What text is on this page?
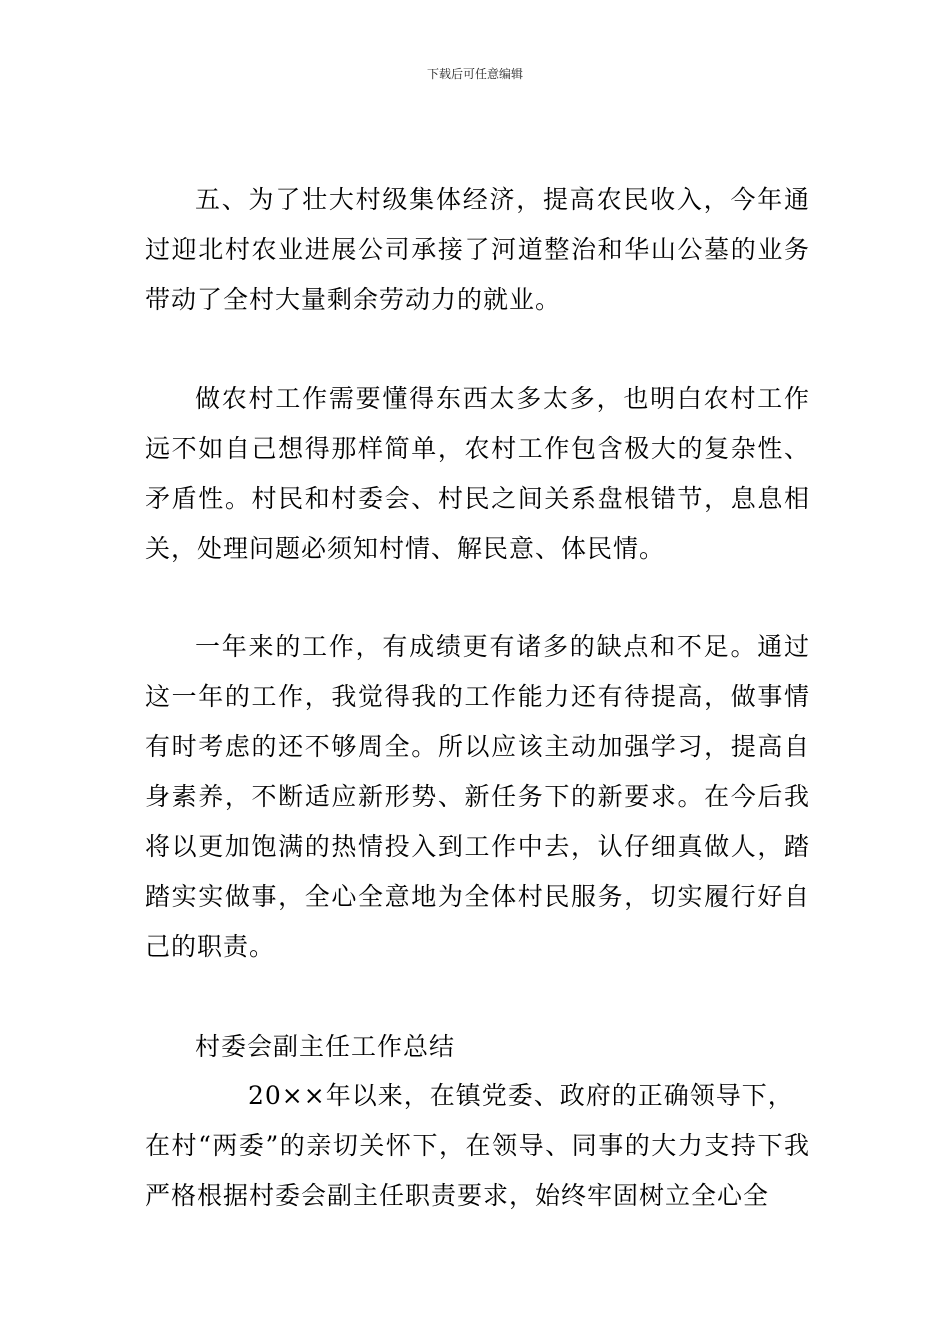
下载后可任意编辑

五、为了壮大村级集体经济，提高农民收入，今年通过迎北村农业进展公司承接了河道整治和华山公墓的业务带动了全村大量剩余劳动力的就业。

做农村工作需要懂得东西太多太多，也明白农村工作远不如自己想得那样简单，农村工作包含极大的复杂性、矛盾性。村民和村委会、村民之间关系盘根错节，息息相关，处理问题必须知村情、解民意、体民情。

一年来的工作，有成绩更有诸多的缺点和不足。通过这一年的工作，我觉得我的工作能力还有待提高，做事情有时考虑的还不够周全。所以应该主动加强学习，提高自身素养，不断适应新形势、新任务下的新要求。在今后我将以更加饱满的热情投入到工作中去，认仔细真做人，踏踏实实做事，全心全意地为全体村民服务，切实履行好自己的职责。

村委会副主任工作总结

20××年以来，在镇党委、政府的正确领导下，
在村“两委”的亲切关怀下，在领导、同事的大力支持下我严格根据村委会副主任职责要求，始终牢固树立全心全
